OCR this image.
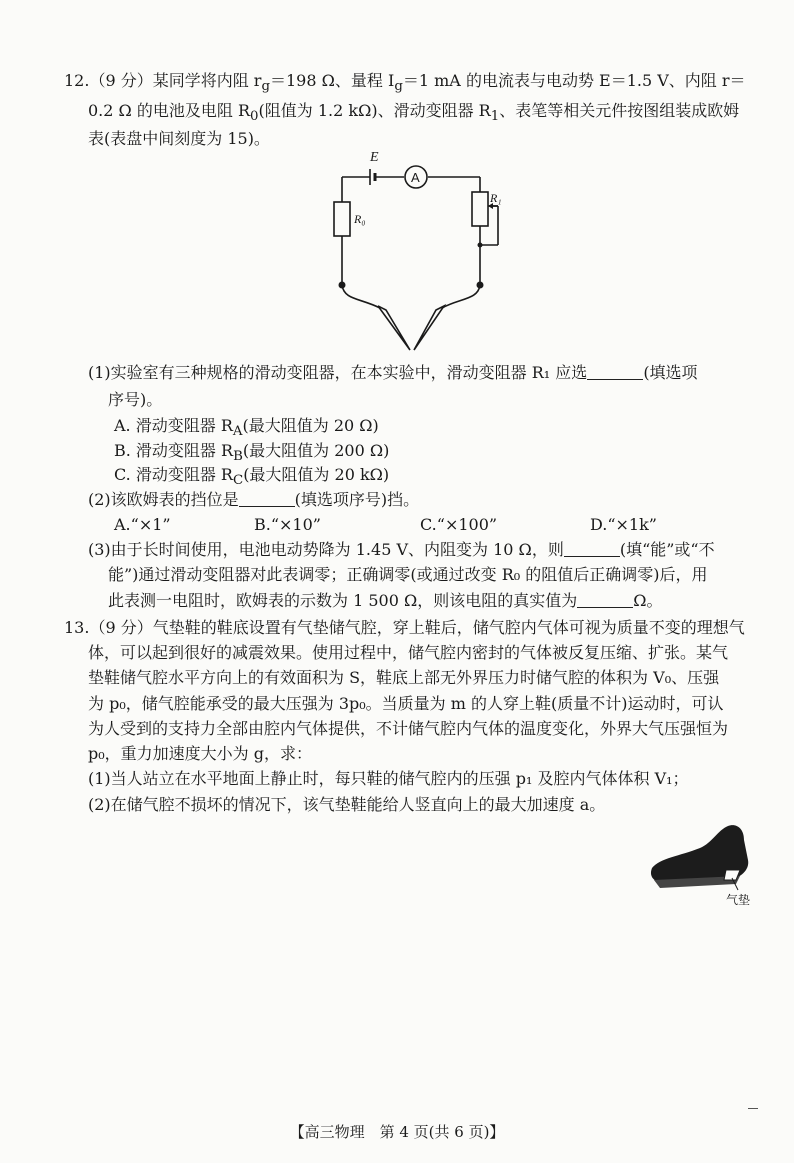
12.（9 分）某同学将内阻 $r_g=198$ Ω、量程 $I_g=1$ mA 的电流表与电动势 E＝1.5 V、内阻 r＝
0.2 Ω 的电池及电阻 $R_0$(阻值为 1.2 kΩ)、滑动变阻器 $R_1$、表笔等相关元件按图组装成欧姆
表(表盘中间刻度为 15)。
A
E
R₀
R₁
(1)实验室有三种规格的滑动变阻器，在本实验中，滑动变阻器 R₁ 应选	(填选项
序号)。
A. 滑动变阻器 $R_A$(最大阻值为 20 Ω)
B. 滑动变阻器 $R_B$(最大阻值为 200 Ω)
C. 滑动变阻器 $R_C$(最大阻值为 20 kΩ)
(2)该欧姆表的挡位是	(填选项序号)挡。
A.“×1”	B.“×10”	C.“×100”	D.“×1k”
(3)由于长时间使用，电池电动势降为 1.45 V、内阻变为 10 Ω，则	(填“能”或“不
能”)通过滑动变阻器对此表调零；正确调零(或通过改变 R₀ 的阻值后正确调零)后，用
此表测一电阻时，欧姆表的示数为 1 500 Ω，则该电阻的真实值为	Ω。
13.（9 分）气垫鞋的鞋底设置有气垫储气腔，穿上鞋后，储气腔内气体可视为质量不变的理想气
体，可以起到很好的减震效果。使用过程中，储气腔内密封的气体被反复压缩、扩张。某气
垫鞋储气腔水平方向上的有效面积为 S，鞋底上部无外界压力时储气腔的体积为 V₀、压强
为 p₀，储气腔能承受的最大压强为 3p₀。当质量为 m 的人穿上鞋(质量不计)运动时，可认
为人受到的支持力全部由腔内气体提供，不计储气腔内气体的温度变化，外界大气压强恒为
p₀，重力加速度大小为 g，求：
(1)当人站立在水平地面上静止时，每只鞋的储气腔内的压强 p₁ 及腔内气体体积 V₁；
(2)在储气腔不损坏的情况下，该气垫鞋能给人竖直向上的最大加速度 a。
气垫
【高三物理　第 4 页(共 6 页)】
